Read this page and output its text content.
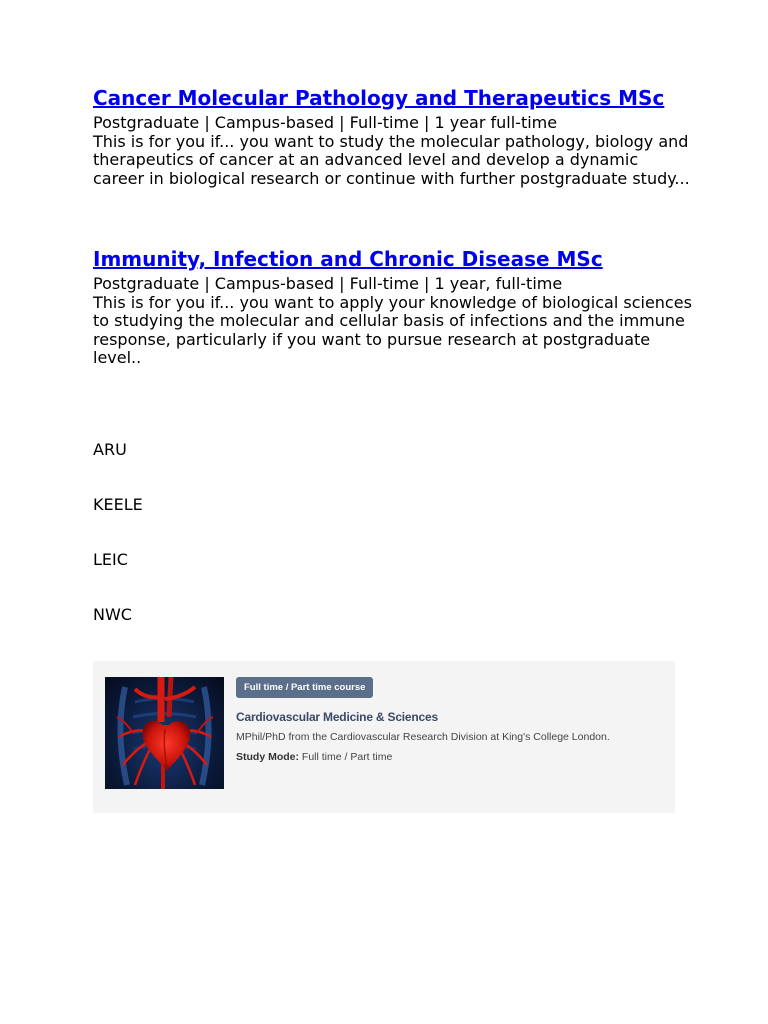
Cancer Molecular Pathology and Therapeutics MSc

Postgraduate | Campus-based | Full-time | 1 year full-time

This is for you if... you want to study the molecular pathology, biology and therapeutics of cancer at an advanced level and develop a dynamic career in biological research or continue with further postgraduate study...

Immunity, Infection and Chronic Disease MSc

Postgraduate | Campus-based | Full-time | 1 year, full-time

This is for you if... you want to apply your knowledge of biological sciences to studying the molecular and cellular basis of infections and the immune response, particularly if you want to pursue research at postgraduate level..

ARU
KEELE
LEIC
NWC
Full time / Part time course
Cardiovascular Medicine & Sciences
MPhil/PhD from the Cardiovascular Research Division at King's College London.
Study Mode: Full time / Part time
